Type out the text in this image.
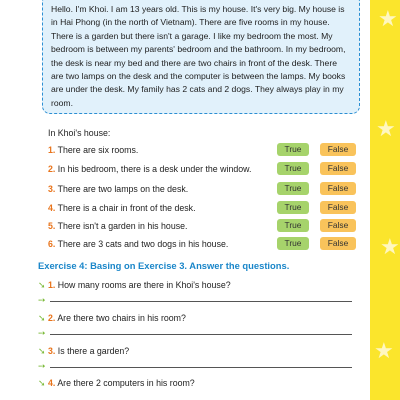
★
★
★
★

Hello. I'm Khoi. I am 13 years old. This is my house. It's very big. My house is in Hai Phong (in the north of Vietnam). There are five rooms in my house. There is a garden but there isn't a garage. I like my bedroom the most. My bedroom is between my parents' bedroom and the bathroom. In my bedroom, the desk is near my bed and there are two chairs in front of the desk. There are two lamps on the desk and the computer is between the lamps. My books are under the desk. My family has 2 cats and 2 dogs. They always play in my room.

In Khoi's house:
1. There are six rooms.	True	False
2. In his bedroom, there is a desk under the window.	True	False
3. There are two lamps on the desk.	True	False
4. There is a chair in front of the desk.	True	False
5. There isn't a garden in his house.	True	False
6. There are 3 cats and two dogs in his house.	True	False
Exercise 4: Basing on Exercise 3. Answer the questions.
➘ 1. How many rooms are there in Khoi's house?
➙
➘ 2. Are there two chairs in his room?
➙
➘ 3. Is there a garden?
➙
➘ 4. Are there 2 computers in his room?
